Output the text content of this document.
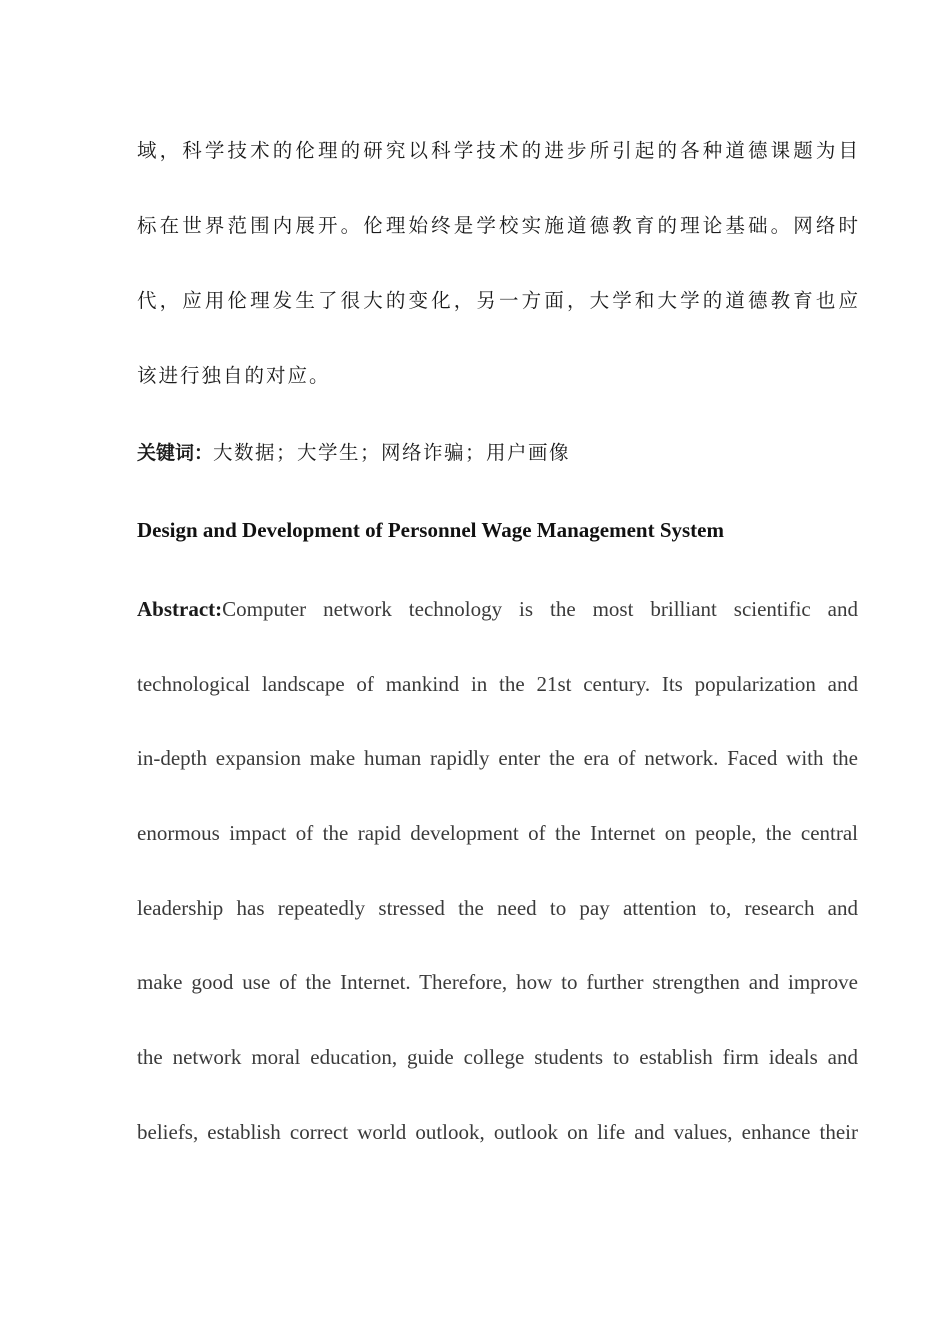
域，科学技术的伦理的研究以科学技术的进步所引起的各种道德课题为目
标在世界范围内展开。伦理始终是学校实施道德教育的理论基础。网络时
代，应用伦理发生了很大的变化，另一方面，大学和大学的道德教育也应
该进行独自的对应。
关键词：大数据；大学生；网络诈骗；用户画像
Design and Development of Personnel Wage Management System
Abstract:Computer network technology is the most brilliant scientific and
technological landscape of mankind in the 21st century. Its popularization and
in-depth expansion make human rapidly enter the era of network. Faced with the
enormous impact of the rapid development of the Internet on people, the central
leadership has repeatedly stressed the need to pay attention to, research and
make good use of the Internet. Therefore, how to further strengthen and improve
the network moral education, guide college students to establish firm ideals and
beliefs, establish correct world outlook, outlook on life and values, enhance their
